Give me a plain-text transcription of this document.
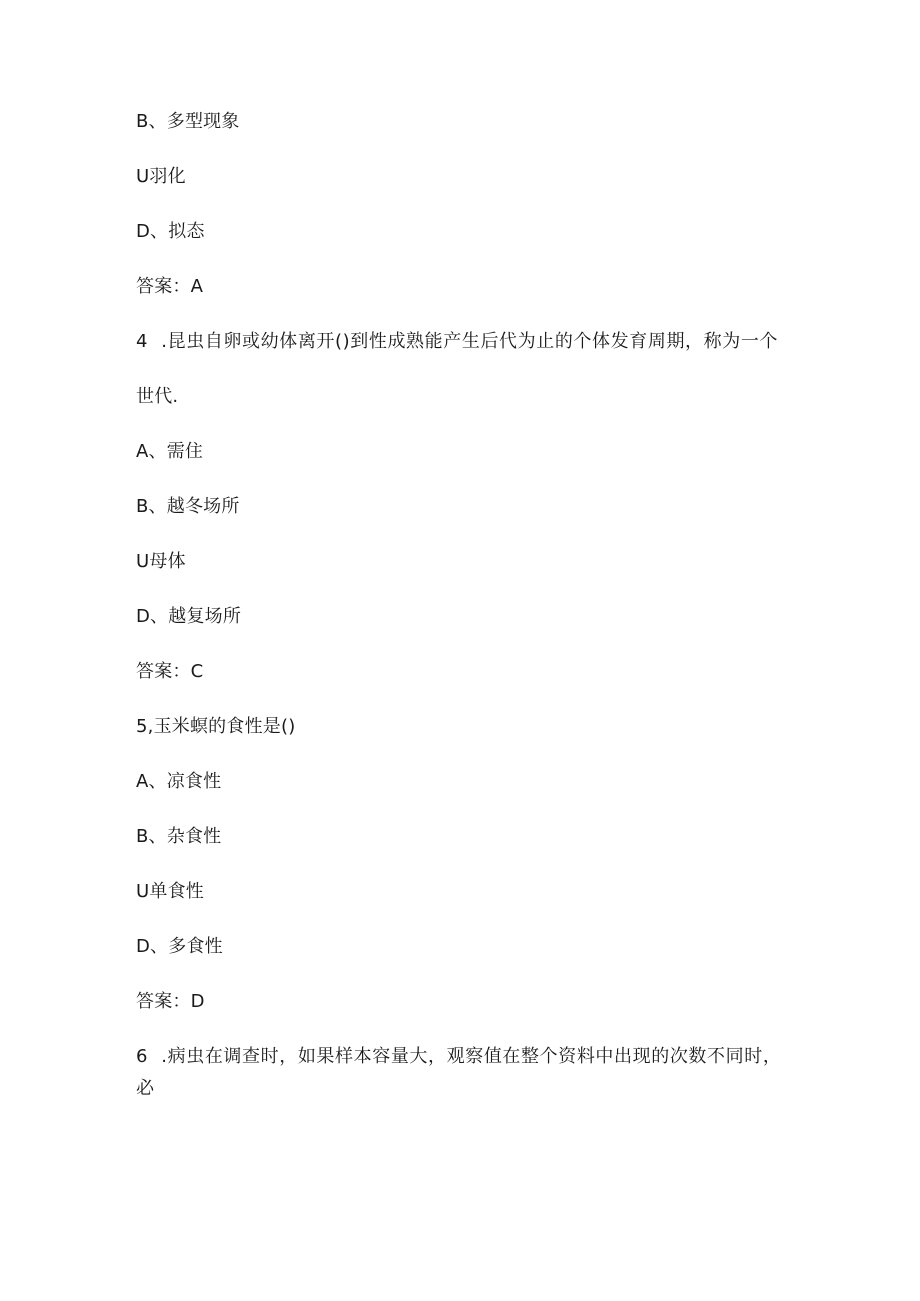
B、多型现象
U羽化
D、拟态
答案：A
4	.昆虫自卵或幼体离开()到性成熟能产生后代为止的个体发育周期，称为一个
世代.
A、需住
B、越冬场所
U母体
D、越复场所
答案：C
5,玉米螟的食性是()
A、凉食性
B、杂食性
U单食性
D、多食性
答案：D
6	.病虫在调查时，如果样本容量大，观察值在整个资料中出现的次数不同时，
必
